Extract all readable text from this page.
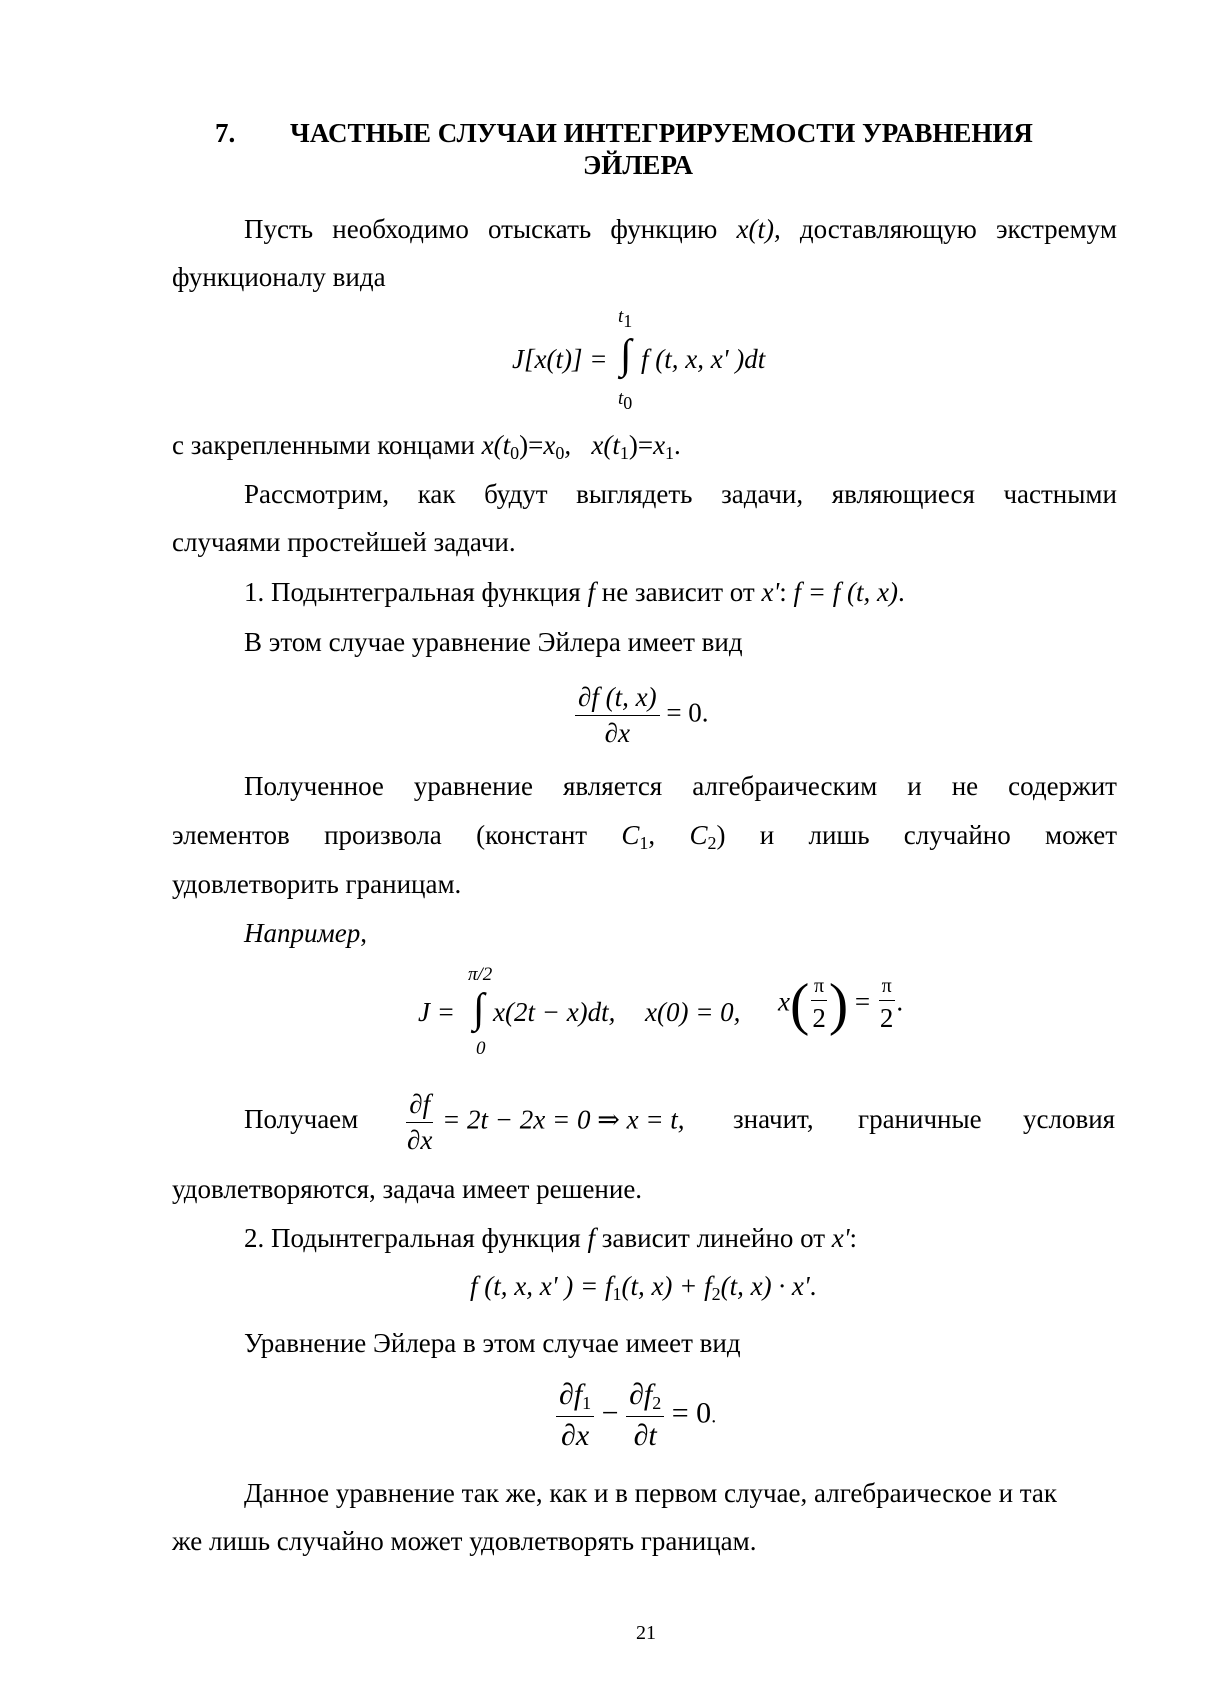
7. ЧАСТНЫЕ СЛУЧАИ ИНТЕГРИРУЕМОСТИ УРАВНЕНИЯ
ЭЙЛЕРА
Пусть необходимо отыскать функцию x(t), доставляющую экстремум
функционалу вида
J[x(t)] =
t1
∫ f (t, x, x' )dt
t0
с закрепленными концами $x(t_0)=x_0$,   $x(t_1)=x_1$.
Рассмотрим, как будут выглядеть задачи, являющиеся частными
случаями простейшей задачи.
1. Подынтегральная функция f не зависит от x': f = f (t, x).
В этом случае уравнение Эйлера имеет вид
$\frac{\partial f (t, x)}{\partial x} = 0$.
Полученное уравнение является алгебраическим и не содержит
элементов произвола (констант $C_1$, $C_2$) и лишь случайно может
удовлетворить границам.
Например,
J =
π/2
∫
0
x(2t − x)dt, x(0) = 0, $x( \frac{\pi}{2}$ ) = $\frac{\pi}{2}$ .
Получаем $\frac{\partial f}{\partial x} = 2t - 2x = 0$ ⇒ x = t, значит, граничные условия
удовлетворяются, задача имеет решение.
2. Подынтегральная функция f зависит линейно от x':
f (t, x, x' ) = $f_1(t$, $x) + f_2(t$, x) · x'.
Уравнение Эйлера в этом случае имеет вид
$\frac{\partial f_1}{\partial x} - \frac{\partial f_2}{\partial t} = 0$.
Данное уравнение так же, как и в первом случае, алгебраическое и так
же лишь случайно может удовлетворять границам.
21
